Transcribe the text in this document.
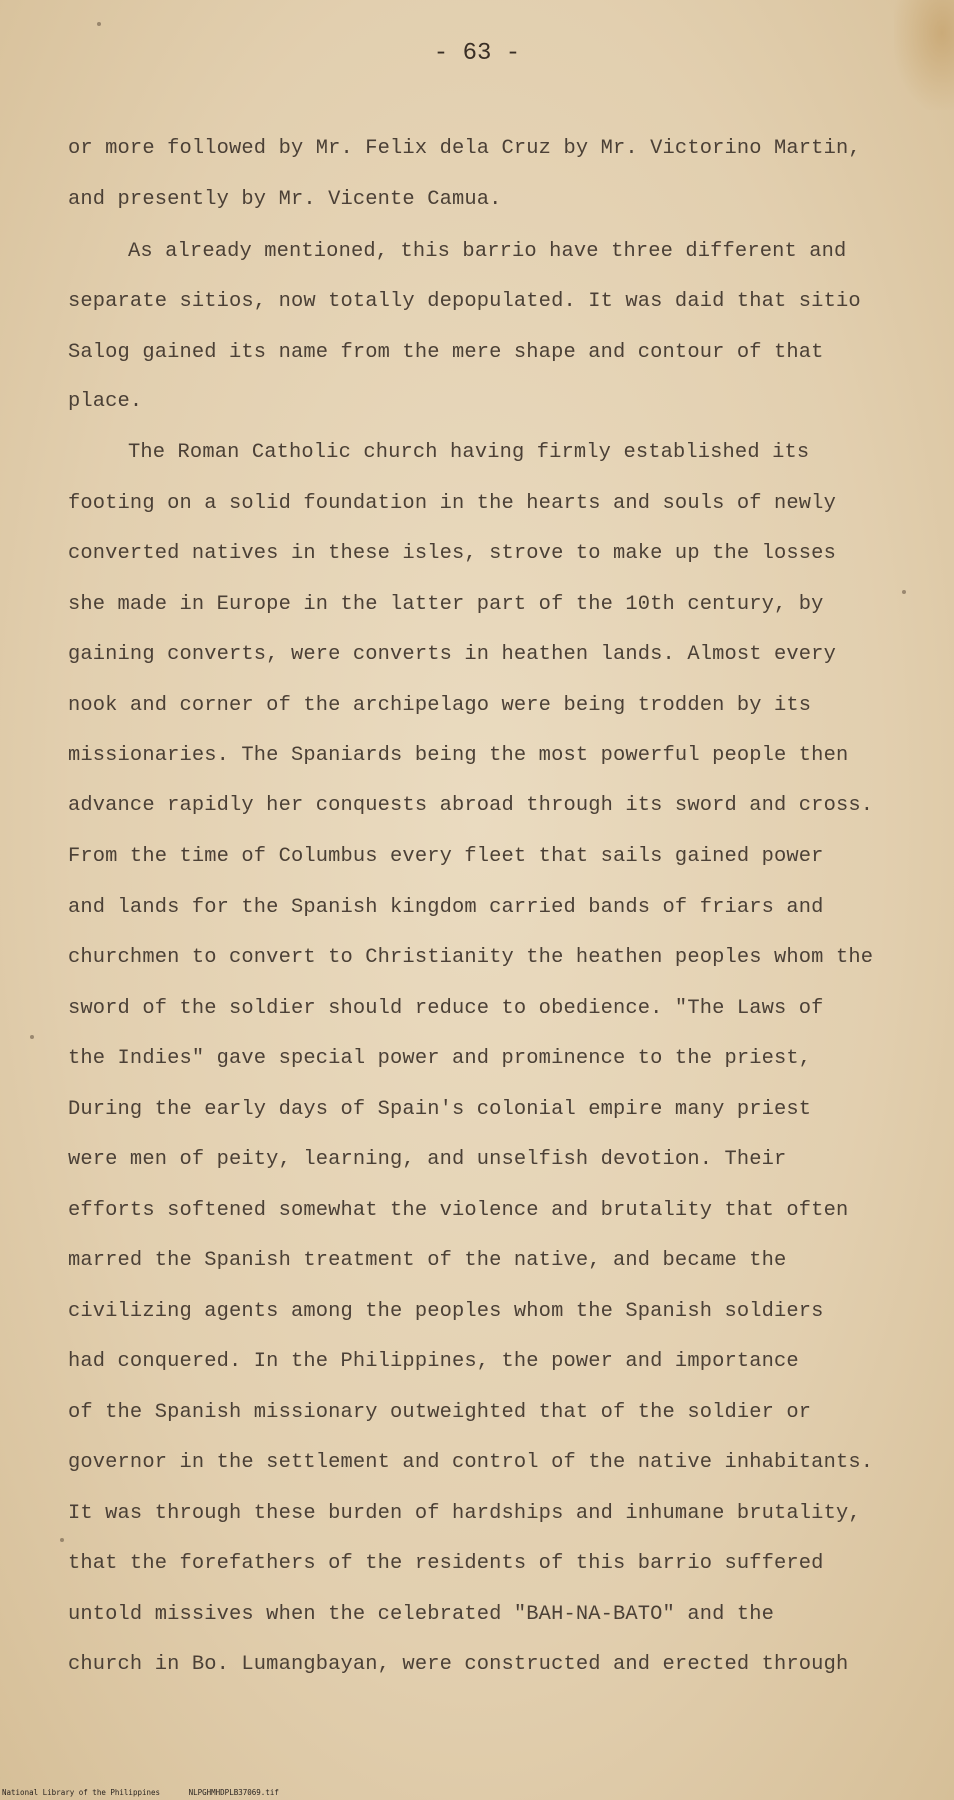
- 63 -
or more followed by Mr. Felix dela Cruz by Mr. Victorino Martin,
and presently by Mr. Vicente Camua.
As already mentioned, this barrio have three different and
separate sitios, now totally depopulated. It was daid that sitio
Salog gained its name from the mere shape and contour of that
place.
The Roman Catholic church having firmly established its
footing on a solid foundation in the hearts and souls of newly
converted natives in these isles, strove to make up the losses
she made in Europe in the latter part of the 10th century, by
gaining converts, were converts in heathen lands. Almost every
nook and corner of the archipelago were being trodden by its
missionaries. The Spaniards being the most powerful people then
advance rapidly her conquests abroad through its sword and cross.
From the time of Columbus every fleet that sails gained power
and lands for the Spanish kingdom carried bands of friars and
churchmen to convert to Christianity the heathen peoples whom the
sword of the soldier should reduce to obedience. "The Laws of
the Indies" gave special power and prominence to the priest,
During the early days of Spain's colonial empire many priest
were men of peity, learning, and unselfish devotion. Their
efforts softened somewhat the violence and brutality that often
marred the Spanish treatment of the native, and became the
civilizing agents among the peoples whom the Spanish soldiers
had conquered. In the Philippines, the power and importance
of the Spanish missionary outweighted that of the soldier or
governor in the settlement and control of the native inhabitants.
It was through these burden of hardships and inhumane brutality,
that the forefathers of the residents of this barrio suffered
untold missives when the celebrated "BAH-NA-BATO" and the
church in Bo. Lumangbayan, were constructed and erected through
National Library of the Philippines	NLPGHMHDPLB37069.tif
